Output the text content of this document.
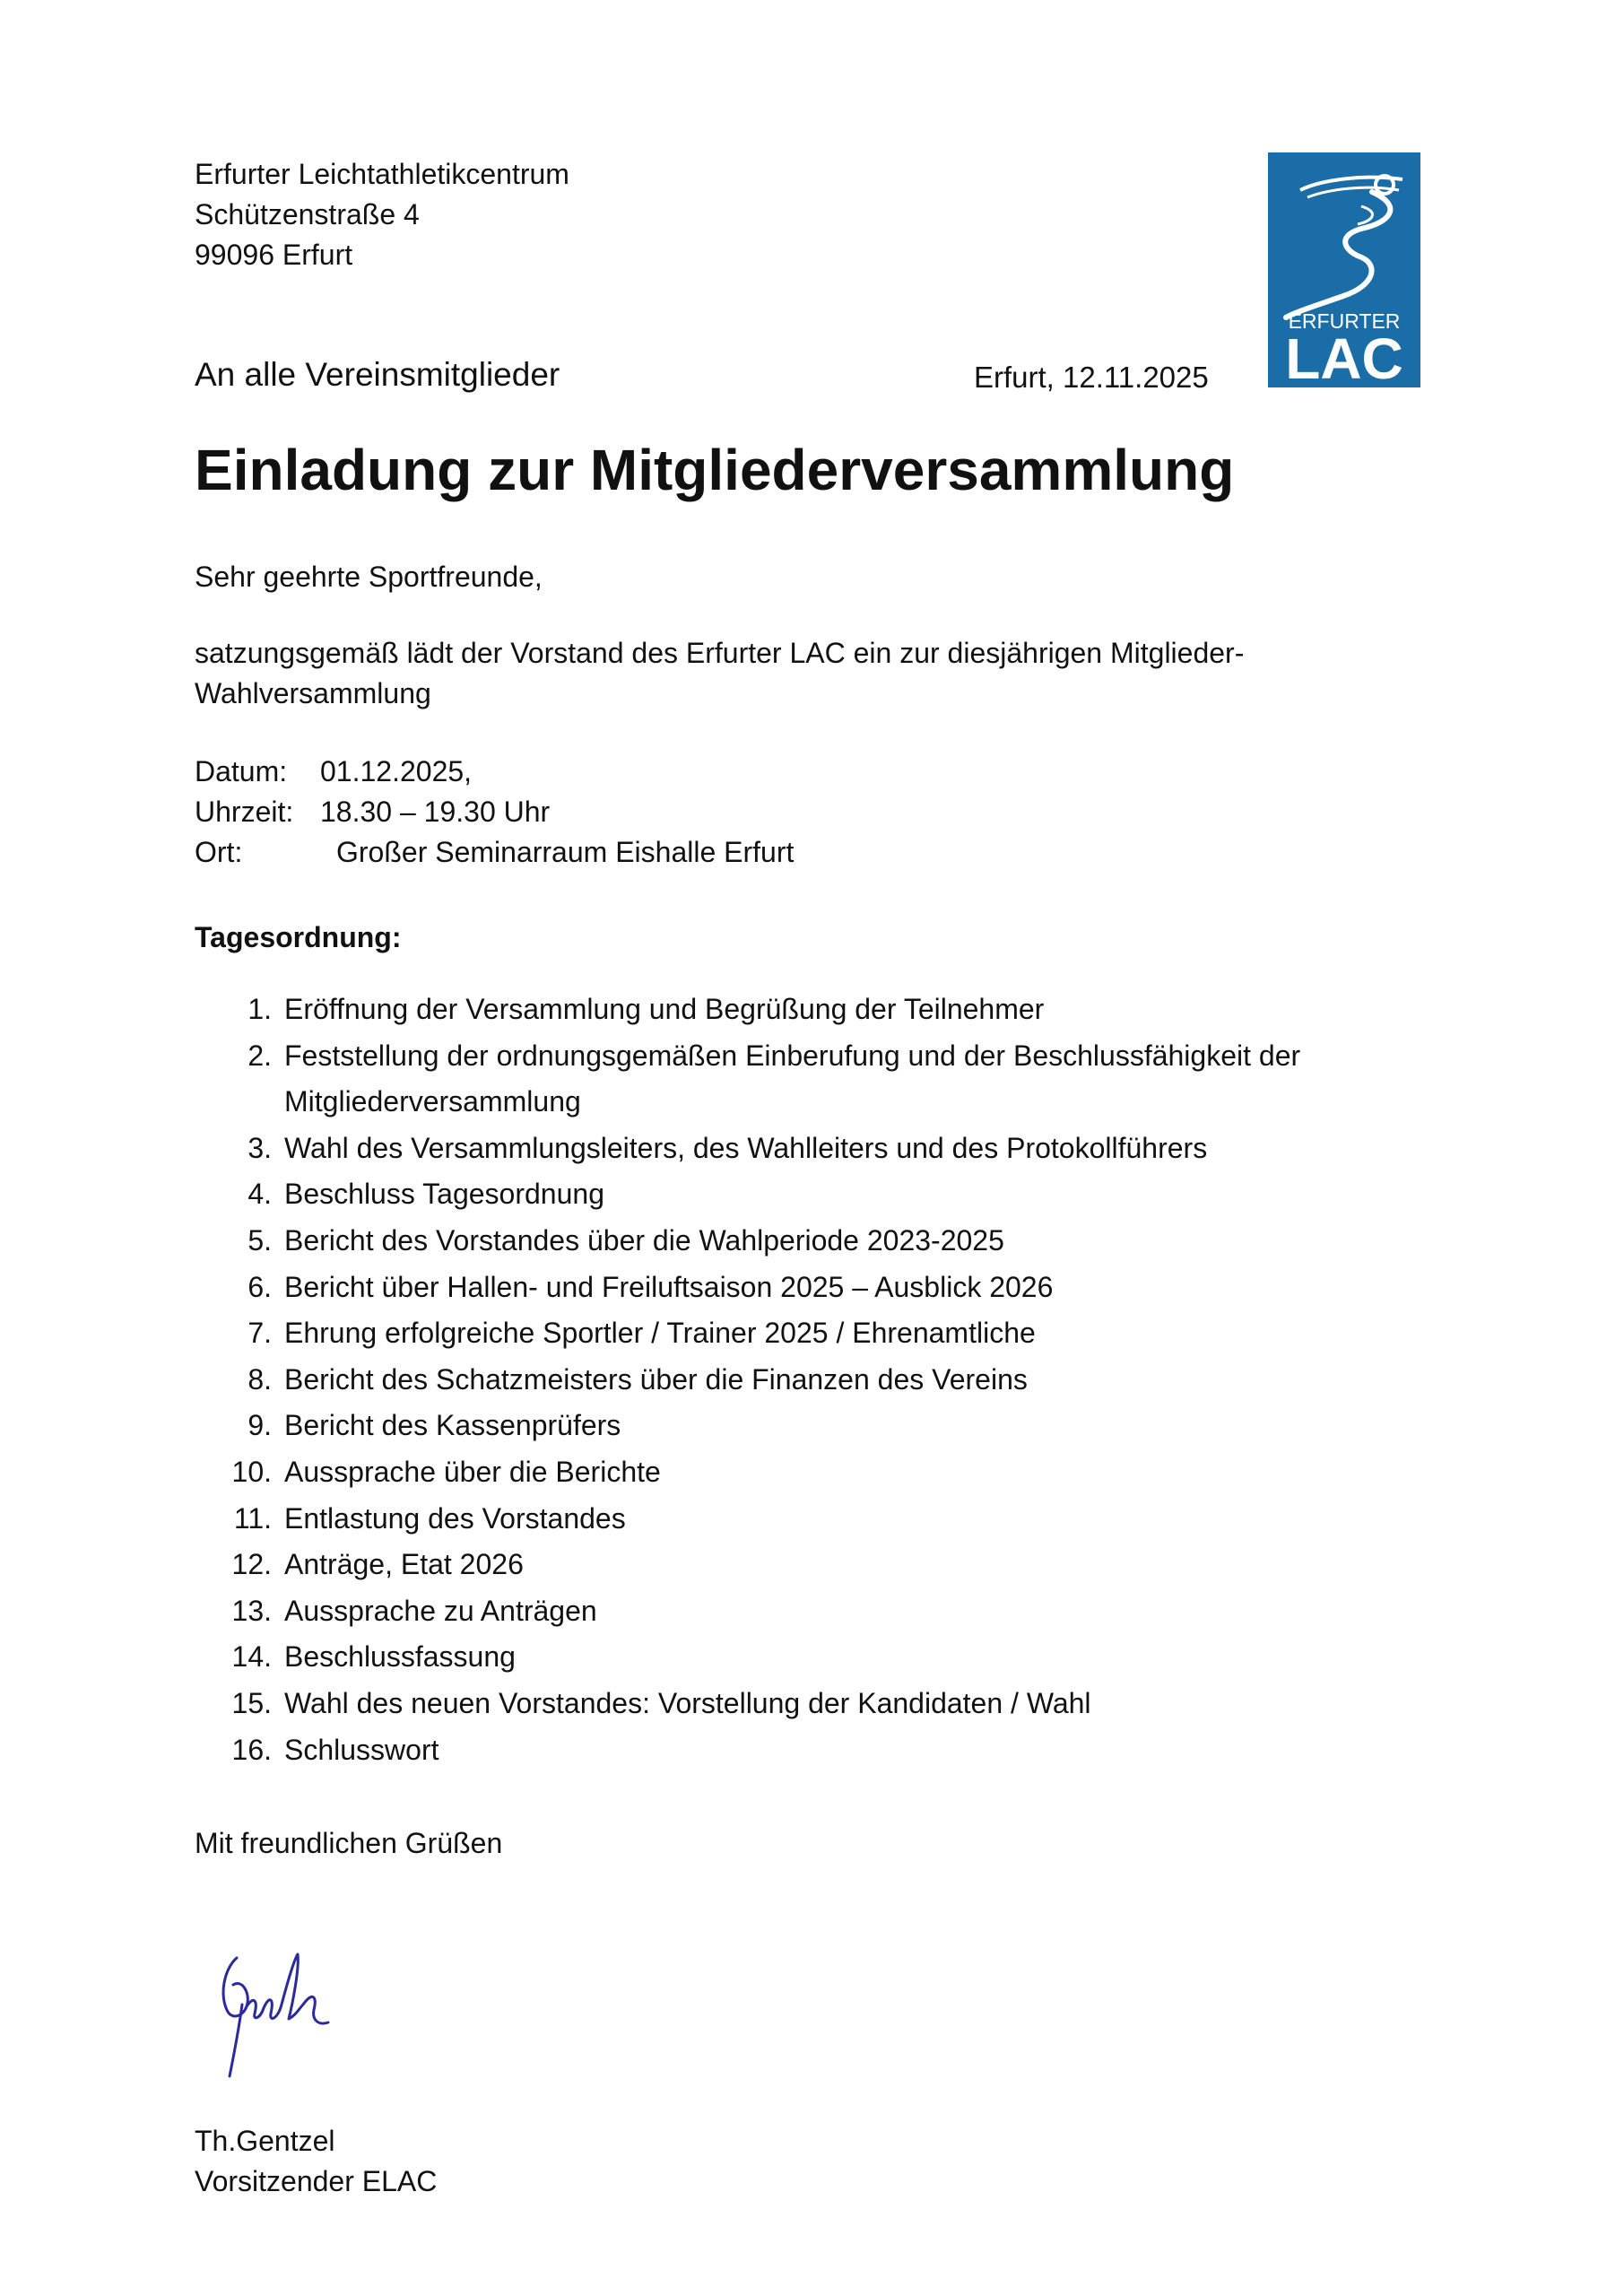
Erfurter Leichtathletikcentrum
Schützenstraße 4
99096 Erfurt
ERFURTER
LAC
An alle Vereinsmitglieder	Erfurt, 12.11.2025
Einladung zur Mitgliederversammlung
Sehr geehrte Sportfreunde,
satzungsgemäß lädt der Vorstand des Erfurter LAC ein zur diesjährigen Mitglieder-
Wahlversammlung
Datum:	01.12.2025,
Uhrzeit: 18.30 – 19.30 Uhr
Ort:	Großer Seminarraum Eishalle Erfurt
Tagesordnung:
1. Eröffnung der Versammlung und Begrüßung der Teilnehmer
2. Feststellung der ordnungsgemäßen Einberufung und der Beschlussfähigkeit der
Mitgliederversammlung
3. Wahl des Versammlungsleiters, des Wahlleiters und des Protokollführers
4. Beschluss Tagesordnung
5. Bericht des Vorstandes über die Wahlperiode 2023-2025
6. Bericht über Hallen- und Freiluftsaison 2025 – Ausblick 2026
7. Ehrung erfolgreiche Sportler / Trainer 2025 / Ehrenamtliche
8. Bericht des Schatzmeisters über die Finanzen des Vereins
9. Bericht des Kassenprüfers
10. Aussprache über die Berichte
11. Entlastung des Vorstandes
12. Anträge, Etat 2026
13. Aussprache zu Anträgen
14. Beschlussfassung
15. Wahl des neuen Vorstandes: Vorstellung der Kandidaten / Wahl
16. Schlusswort
Mit freundlichen Grüßen
Th.Gentzel
Vorsitzender ELAC
